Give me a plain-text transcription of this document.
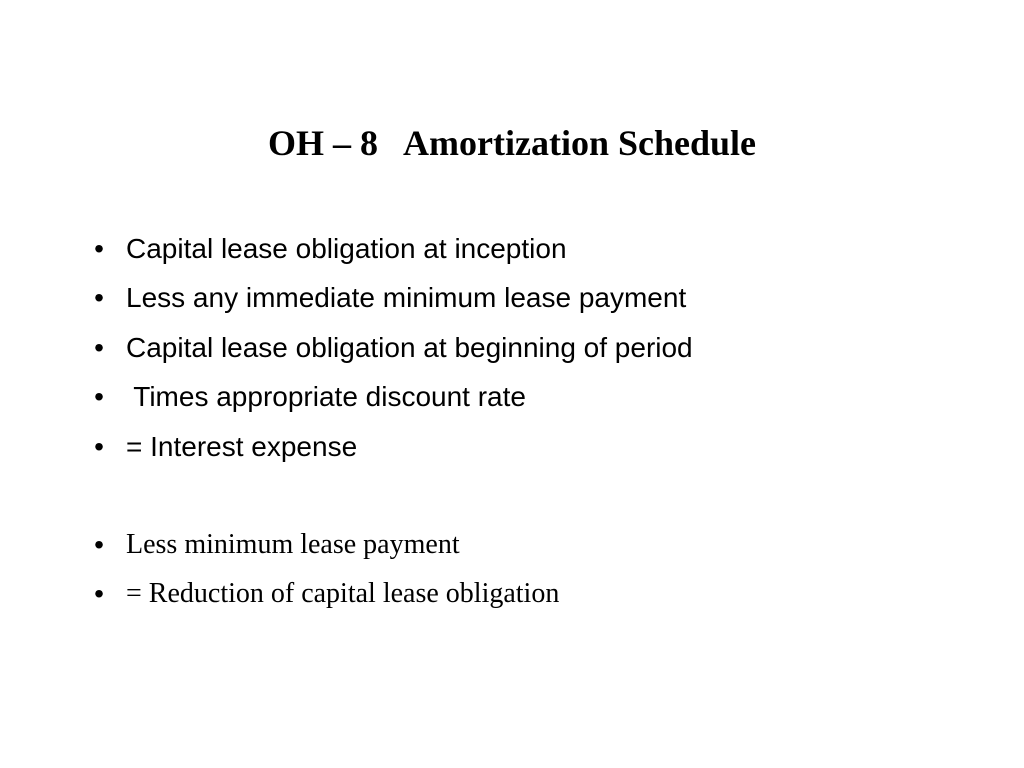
OH – 8   Amortization Schedule
• Capital lease obligation at inception
• Less any immediate minimum lease payment
• Capital lease obligation at beginning of period
• Times appropriate discount rate
• = Interest expense
• Less minimum lease payment
• = Reduction of capital lease obligation
